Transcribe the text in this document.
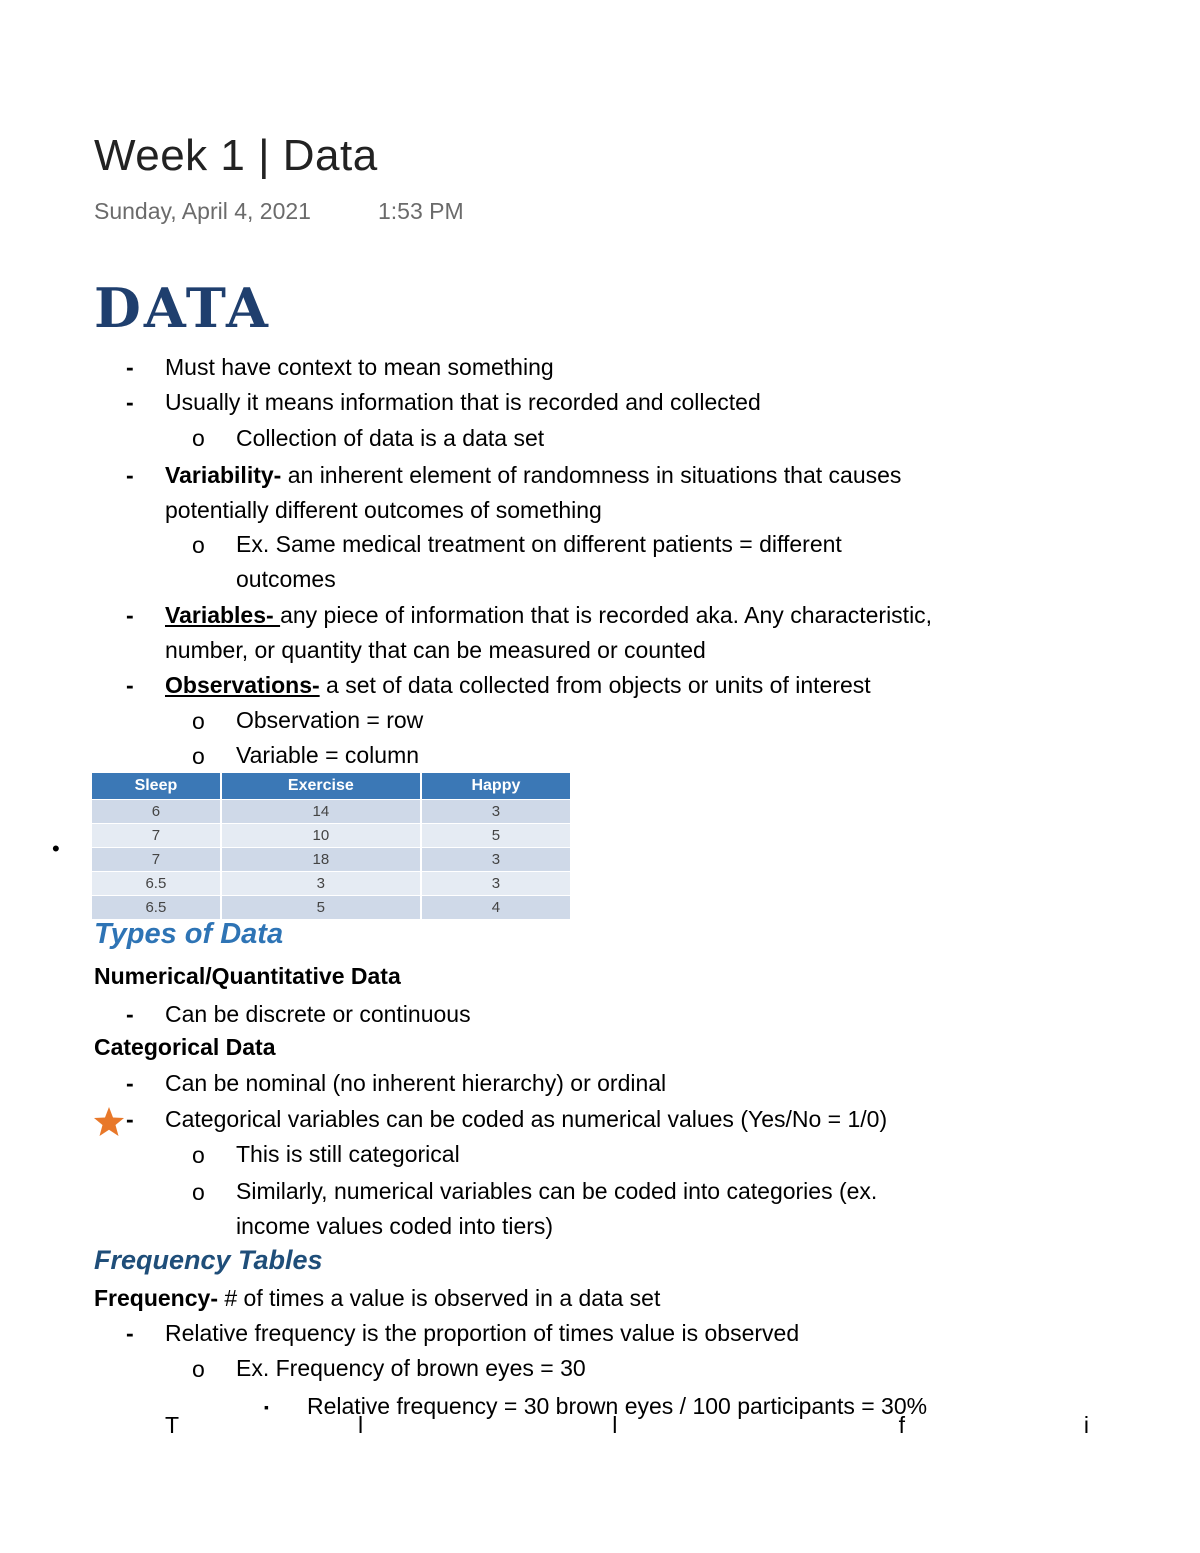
Week 1 | Data
Sunday, April 4, 2021	1:53 PM
DATA
- Must have context to mean something
- Usually it means information that is recorded and collected
o Collection of data is a data set
- Variability- an inherent element of randomness in situations that causes
potentially different outcomes of something
o Ex. Same medical treatment on different patients = different
outcomes
- Variables- any piece of information that is recorded aka. Any characteristic,
number, or quantity that can be measured or counted
- Observations- a set of data collected from objects or units of interest
o Observation = row
o Variable = column
•
Sleep	Exercise	Happy
6	14	3
7	10	5
7	18	3
6.5	3	3
6.5	5	4
Types of Data
Numerical/Quantitative Data
- Can be discrete or continuous
Categorical Data
- Can be nominal (no inherent hierarchy) or ordinal
- Categorical variables can be coded as numerical values (Yes/No = 1/0)
o This is still categorical
o Similarly, numerical variables can be coded into categories (ex.
income values coded into tiers)
Frequency Tables
Frequency- # of times a value is observed in a data set
- Relative frequency is the proportion of times value is observed
o Ex. Frequency of brown eyes = 30
▪ Relative frequency = 30 brown eyes / 100 participants = 30%
T                            l                                       l                                            f                            i
